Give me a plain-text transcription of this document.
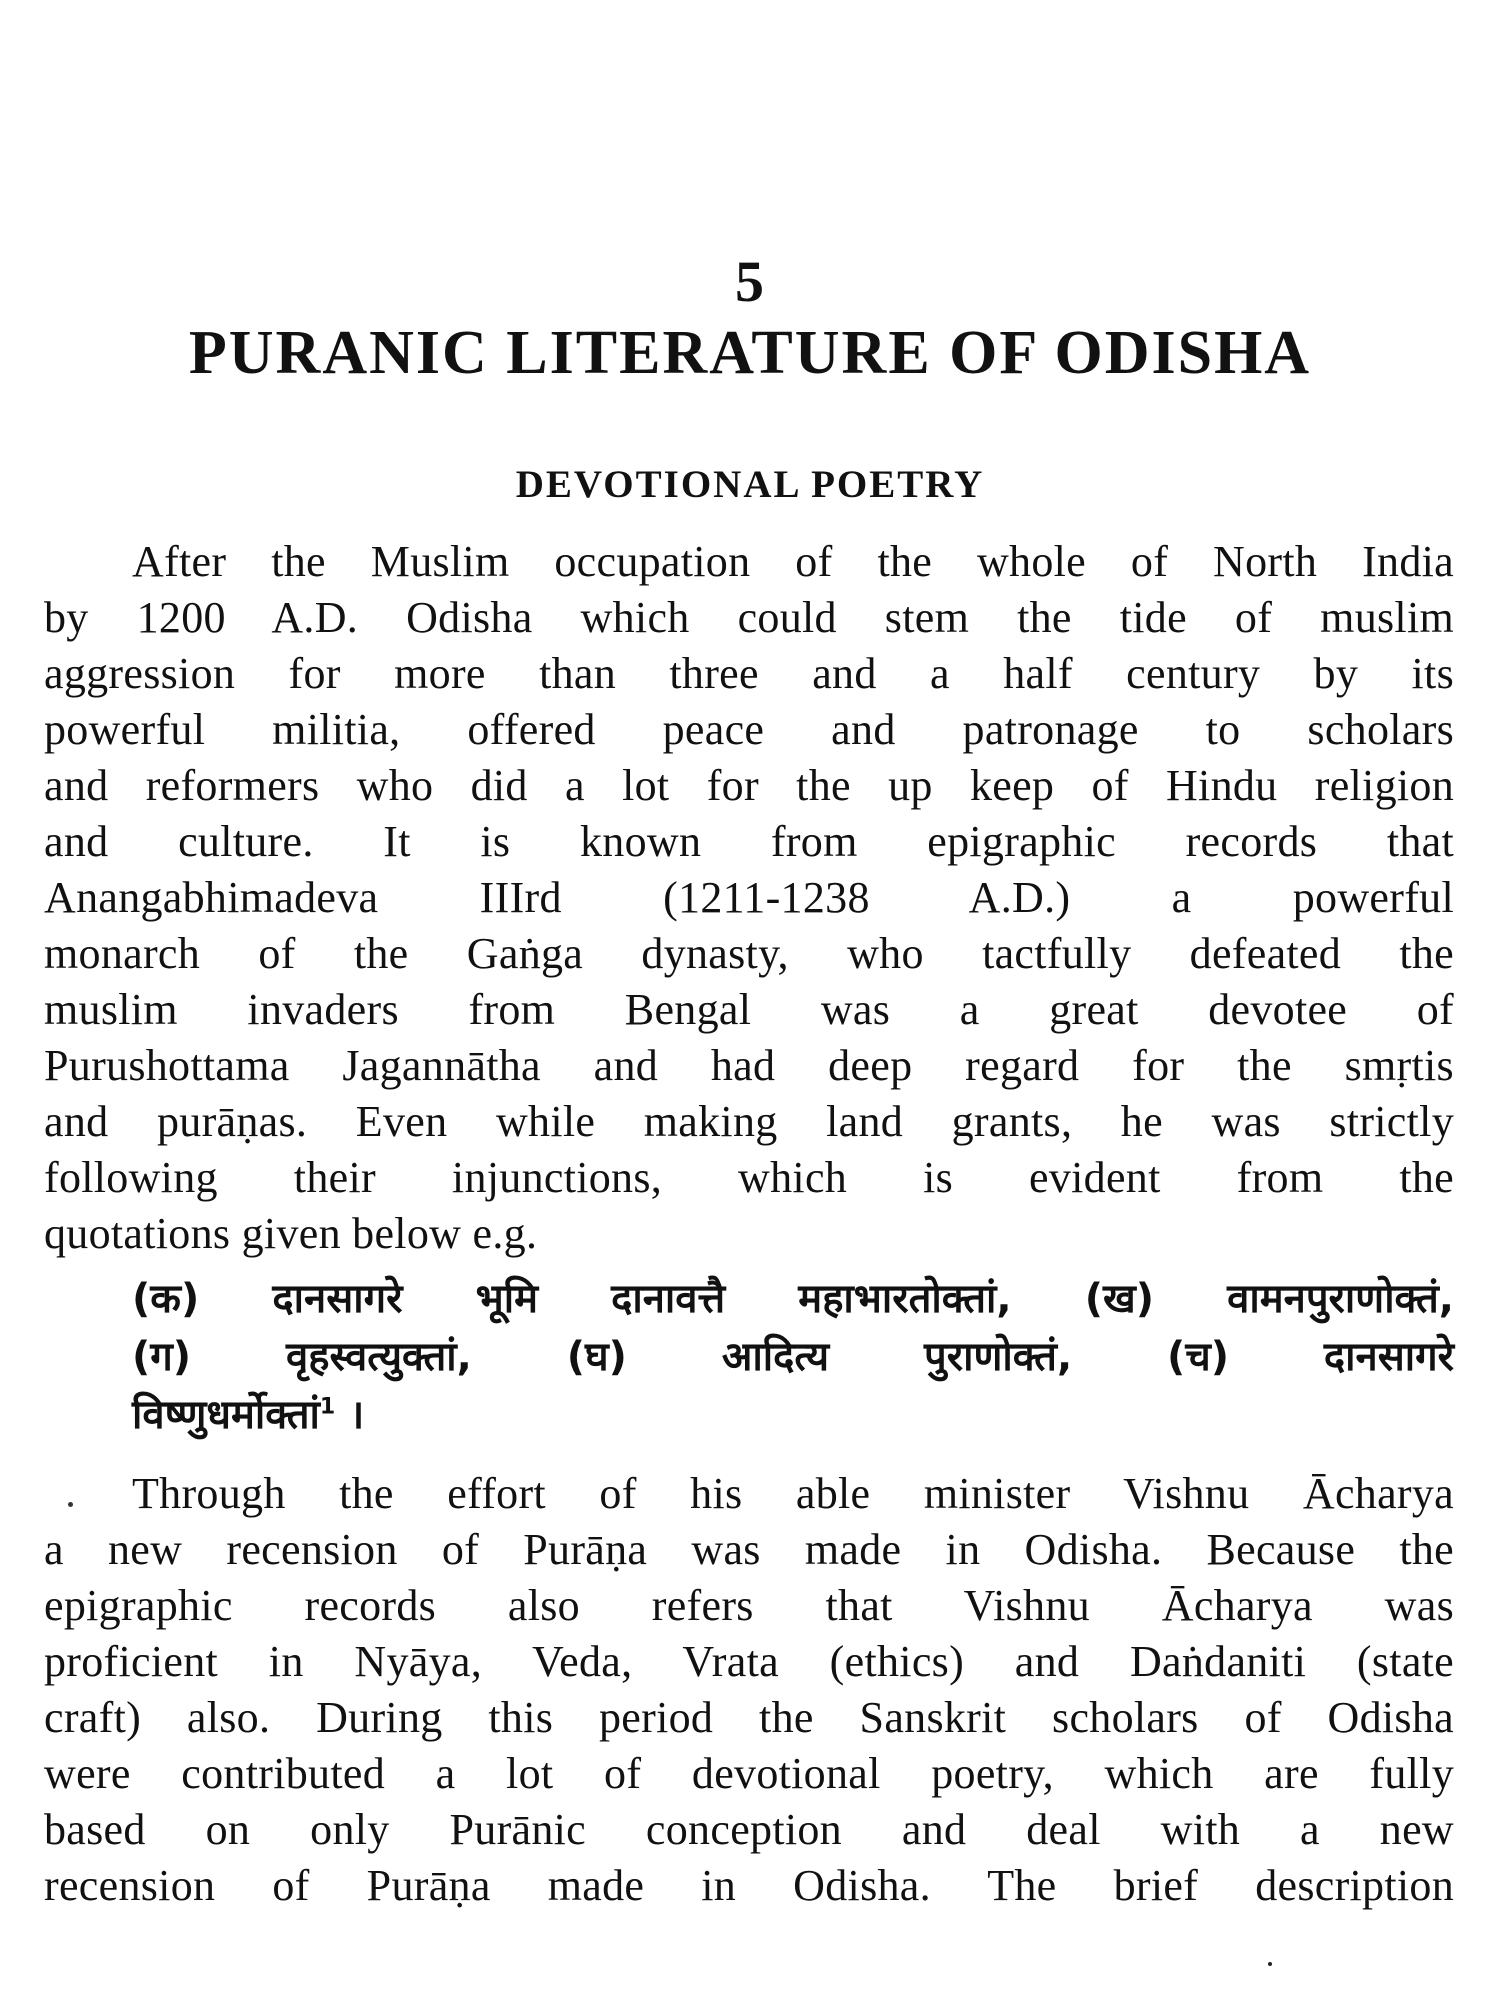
5
PURANIC LITERATURE OF ODISHA
DEVOTIONAL POETRY
After the Muslim occupation of the whole of North India
by 1200 A.D. Odisha which could stem the tide of muslim
aggression for more than three and a half century by its
powerful militia, offered peace and patronage to scholars
and reformers who did a lot for the up keep of Hindu religion
and culture. It is known from epigraphic records that
Anangabhimadeva IIIrd (1211-1238 A.D.) a powerful
monarch of the Gaṅga dynasty, who tactfully defeated the
muslim invaders from Bengal was a great devotee of
Purushottama Jagannātha and had deep regard for the smṛtis
and purāṇas. Even while making land grants, he was strictly
following their injunctions, which is evident from the
quotations given below e.g.
(क) दानसागरे भूमि दानावत्तै महाभारतोक्तां, (ख) वामनपुराणोक्तं,
(ग) वृहस्वत्युक्तां, (घ) आदित्य पुराणोक्तं, (च) दानसागरे
विष्णुधर्मोक्तां$^1$ ।
Through the effort of his able minister Vishnu Ācharya
a new recension of Purāṇa was made in Odisha. Because the
epigraphic records also refers that Vishnu Ācharya was
proficient in Nyāya, Veda, Vrata (ethics) and Daṅdaniti (state
craft) also. During this period the Sanskrit scholars of Odisha
were contributed a lot of devotional poetry, which are fully
based on only Purānic conception and deal with a new
recension of Purāṇa made in Odisha. The brief description
